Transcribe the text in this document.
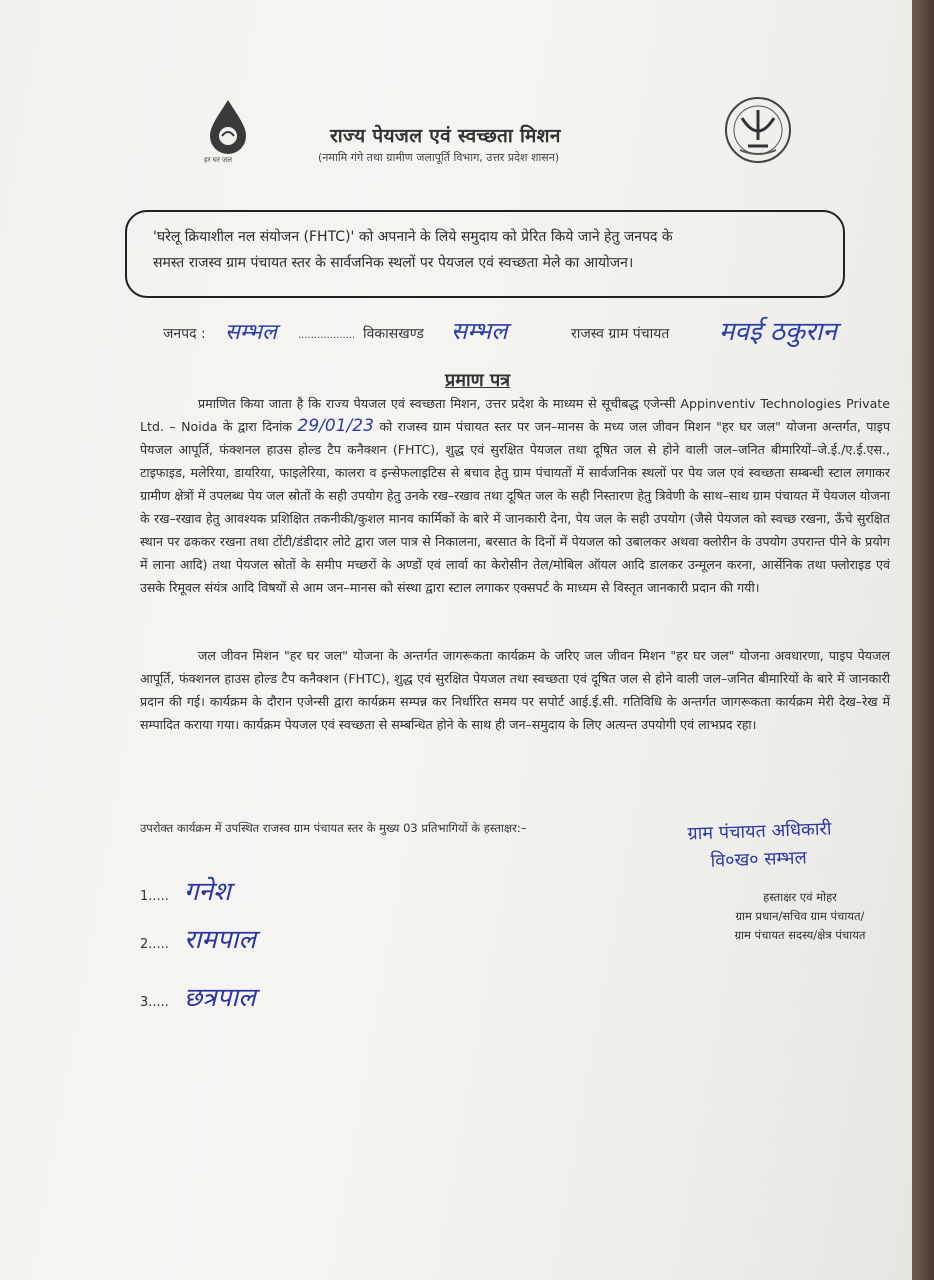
हर घर जल
राज्य पेयजल एवं स्वच्छता मिशन
(नमामि गंगे तथा ग्रामीण जलापूर्ति विभाग, उत्तर प्रदेश शासन)

'घरेलू क्रियाशील नल संयोजन (FHTC)' को अपनाने के लिये समुदाय को प्रेरित किये जाने हेतु जनपद के

समस्त राजस्व ग्राम पंचायत स्तर के सार्वजनिक स्थलों पर पेयजल एवं स्वच्छता मेले का आयोजन।

जनपद : सम्भल .................. विकासखण्ड सम्भल	राजस्व ग्राम पंचायत मवई ठकुरान
प्रमाण पत्र

प्रमाणित किया जाता है कि राज्य पेयजल एवं स्वच्छता मिशन, उत्तर प्रदेश के माध्यम से सूचीबद्ध एजेन्सी Appinventiv Technologies Private Ltd. – Noida के द्वारा दिनांक 29/01/23 को राजस्व ग्राम पंचायत स्तर पर जन–मानस के मध्य जल जीवन मिशन "हर घर जल" योजना अन्तर्गत, पाइप पेयजल आपूर्ति, फंक्शनल हाउस होल्ड टैप कनैक्शन (FHTC), शुद्ध एवं सुरक्षित पेयजल तथा दूषित जल से होने वाली जल–जनित बीमारियों–जे.ई./ए.ई.एस., टाइफाइड, मलेरिया, डायरिया, फाइलेरिया, कालरा व इन्सेफलाइटिस से बचाव हेतु ग्राम पंचायतों में सार्वजनिक स्थलों पर पेय जल एवं स्वच्छता सम्बन्धी स्टाल लगाकर ग्रामीण क्षेत्रों में उपलब्ध पेय जल स्रोतों के सही उपयोग हेतु उनके रख–रखाव तथा दूषित जल के सही निस्तारण हेतु त्रिवेणी के साथ–साथ ग्राम पंचायत में पेयजल योजना के रख–रखाव हेतु आवश्यक प्रशिक्षित तकनीकी/कुशल मानव कार्मिकों के बारे में जानकारी देना, पेय जल के सही उपयोग (जैसे पेयजल को स्वच्छ रखना, ऊँचे सुरक्षित स्थान पर ढककर रखना तथा टोंटी/डंडीदार लोटे द्वारा जल पात्र से निकालना, बरसात के दिनों में पेयजल को उबालकर अथवा क्लोरीन के उपयोग उपरान्त पीने के प्रयोग में लाना आदि) तथा पेयजल स्रोतों के समीप मच्छरों के अण्डों एवं लार्वा का केरोसीन तेल/मोबिल ऑयल आदि डालकर उन्मूलन करना, आर्सेनिक तथा फ्लोराइड एवं उसके रिमूवल संयंत्र आदि विषयों से आम जन–मानस को संस्था द्वारा स्टाल लगाकर एक्सपर्ट के माध्यम से विस्तृत जानकारी प्रदान की गयी।

जल जीवन मिशन "हर घर जल" योजना के अन्तर्गत जागरूकता कार्यक्रम के जरिए जल जीवन मिशन "हर घर जल" योजना अवधारणा, पाइप पेयजल आपूर्ति, फंक्शनल हाउस होल्ड टैप कनैक्शन (FHTC), शुद्ध एवं सुरक्षित पेयजल तथा स्वच्छता एवं दूषित जल से होने वाली जल–जनित बीमारियों के बारे में जानकारी प्रदान की गई। कार्यक्रम के दौरान एजेन्सी द्वारा कार्यक्रम सम्पन्न कर निर्धारित समय पर सपोर्ट आई.ई.सी. गतिविधि के अन्तर्गत जागरूकता कार्यक्रम मेरी देख–रेख में सम्पादित कराया गया। कार्यक्रम पेयजल एवं स्वच्छता से सम्बन्धित होने के साथ ही जन–समुदाय के लिए अत्यन्त उपयोगी एवं लाभप्रद रहा।

उपरोक्त कार्यक्रम में उपस्थित राजस्व ग्राम पंचायत स्तर के मुख्य 03 प्रतिभागियों के हस्ताक्षर:–
1..... गनेश
2..... रामपाल
3..... छत्रपाल
ग्राम पंचायत अधिकारी
वि०ख० सम्भल
हस्ताक्षर एवं मोहर
ग्राम प्रधान/सचिव ग्राम पंचायत/
ग्राम पंचायत सदस्य/क्षेत्र पंचायत
